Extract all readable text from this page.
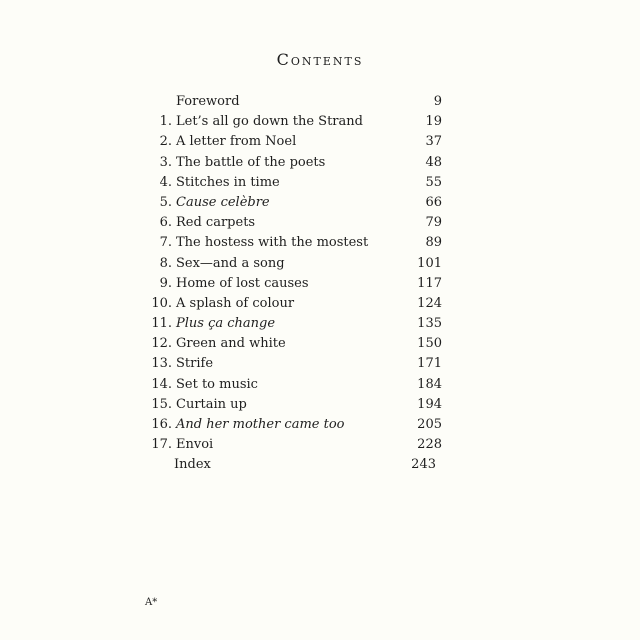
Contents
Foreword	9
1. Let’s all go down the Strand	19
2. A letter from Noel	37
3. The battle of the poets	48
4. Stitches in time	55
5. Cause celèbre	66
6. Red carpets	79
7. The hostess with the mostest	89
8. Sex—and a song	101
9. Home of lost causes	117
10. A splash of colour	124
11. Plus ça change	135
12. Green and white	150
13. Strife	171
14. Set to music	184
15. Curtain up	194
16. And her mother came too	205
17. Envoi	228
Index	243
A*
